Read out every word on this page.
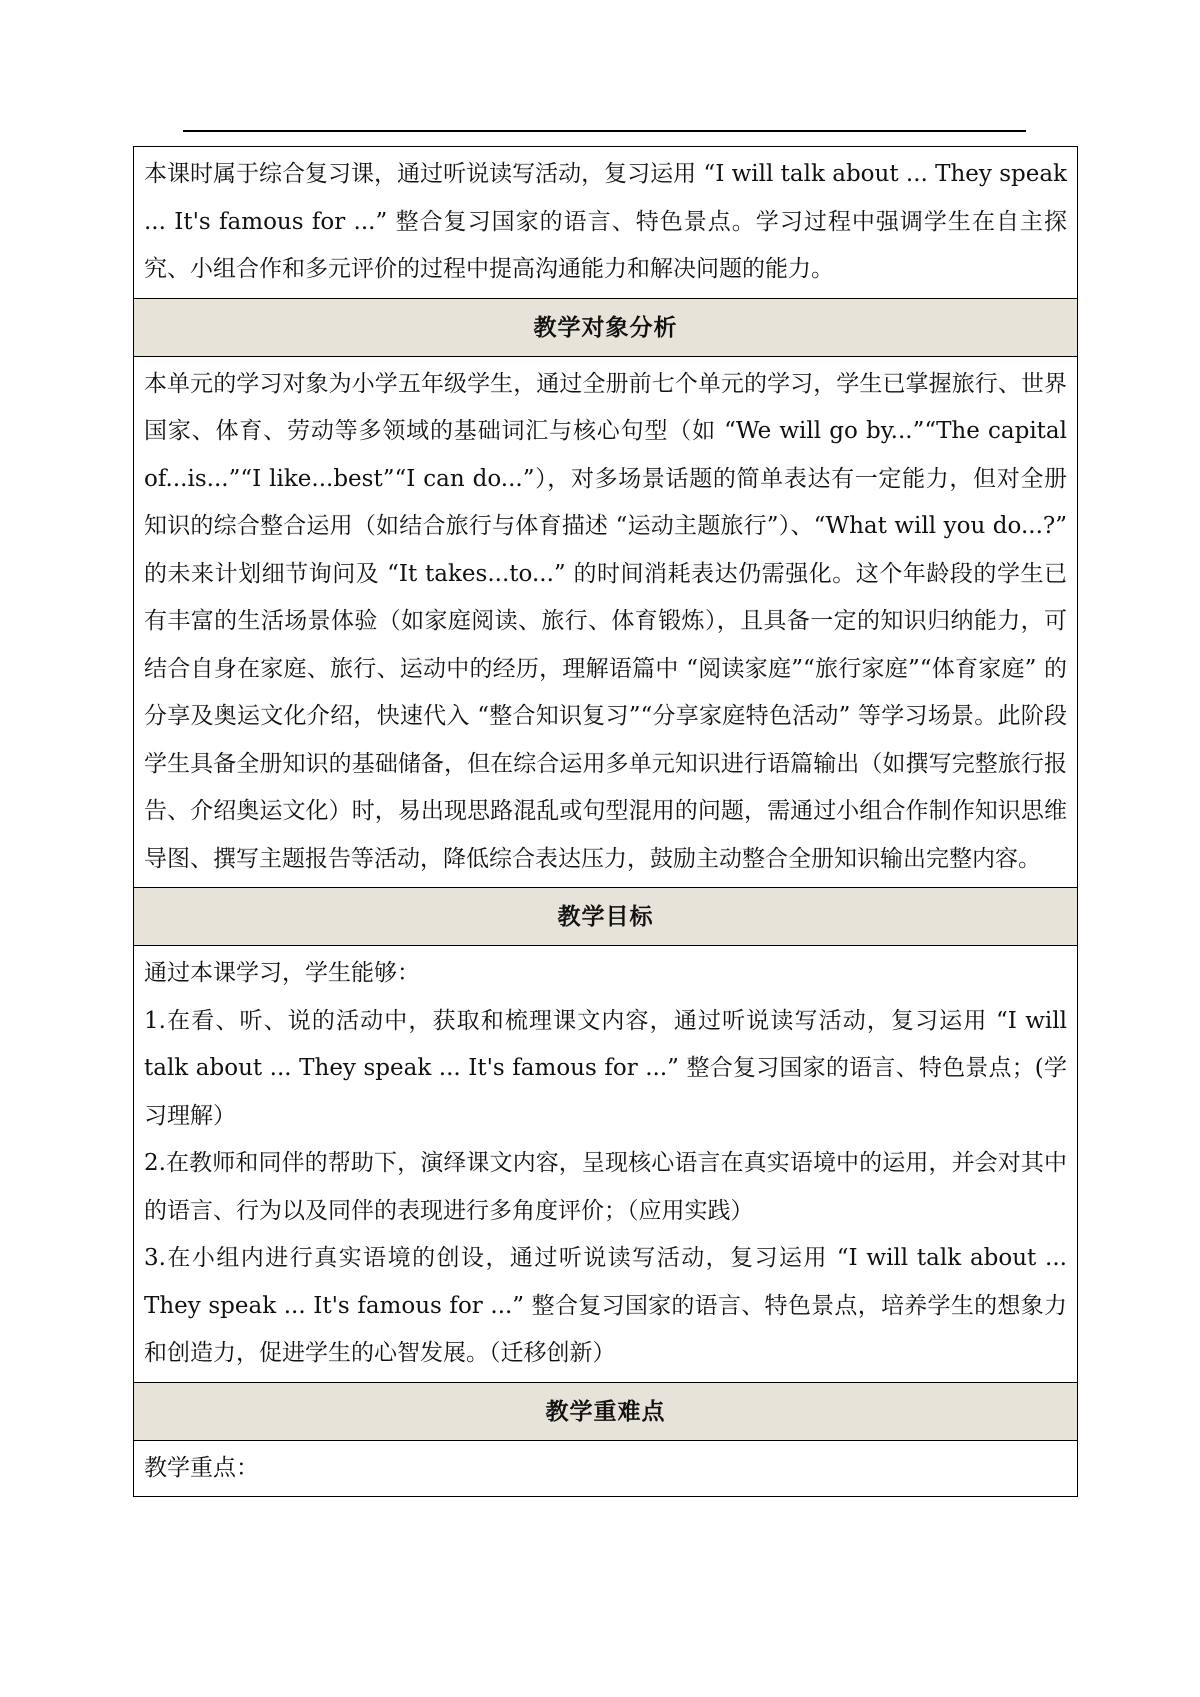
本课时属于综合复习课，通过听说读写活动，复习运用 “I will talk about ... They speak ... It's famous for ...” 整合复习国家的语言、特色景点。学习过程中强调学生在自主探究、小组合作和多元评价的过程中提高沟通能力和解决问题的能力。

教学对象分析

本单元的学习对象为小学五年级学生，通过全册前七个单元的学习，学生已掌握旅行、世界国家、体育、劳动等多领域的基础词汇与核心句型（如 “We will go by...”“The capital of...is...”“I like...best”“I can do...”），对多场景话题的简单表达有一定能力，但对全册知识的综合整合运用（如结合旅行与体育描述 “运动主题旅行”）、“What will you do...?” 的未来计划细节询问及 “It takes...to...” 的时间消耗表达仍需强化。这个年龄段的学生已有丰富的生活场景体验（如家庭阅读、旅行、体育锻炼），且具备一定的知识归纳能力，可结合自身在家庭、旅行、运动中的经历，理解语篇中 “阅读家庭”“旅行家庭”“体育家庭” 的分享及奥运文化介绍，快速代入 “整合知识复习”“分享家庭特色活动” 等学习场景。此阶段学生具备全册知识的基础储备，但在综合运用多单元知识进行语篇输出（如撰写完整旅行报告、介绍奥运文化）时，易出现思路混乱或句型混用的问题，需通过小组合作制作知识思维导图、撰写主题报告等活动，降低综合表达压力，鼓励主动整合全册知识输出完整内容。

教学目标

通过本课学习，学生能够：

1.在看、听、说的活动中，获取和梳理课文内容，通过听说读写活动，复习运用 “I will talk about ... They speak ... It's famous for ...” 整合复习国家的语言、特色景点；(学习理解）

2.在教师和同伴的帮助下，演绎课文内容，呈现核心语言在真实语境中的运用，并会对其中的语言、行为以及同伴的表现进行多角度评价；（应用实践）

3.在小组内进行真实语境的创设，通过听说读写活动，复习运用 “I will talk about ... They speak ... It's famous for ...” 整合复习国家的语言、特色景点，培养学生的想象力和创造力，促进学生的心智发展。（迁移创新）

教学重难点

教学重点：
